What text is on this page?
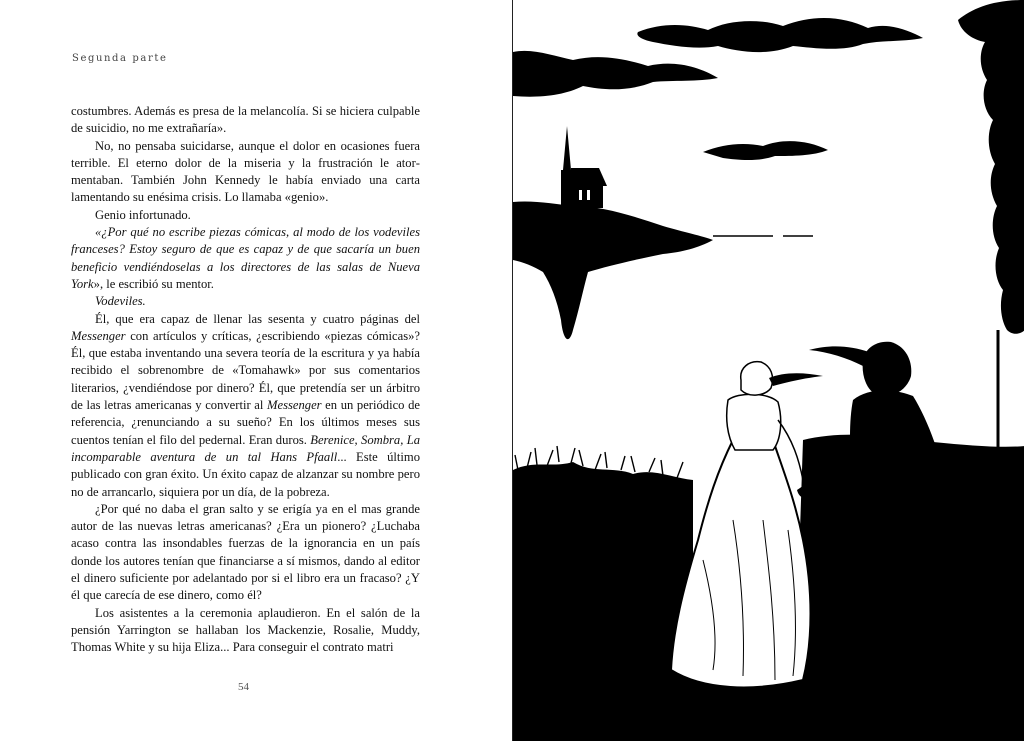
Segunda parte

costumbres. Además es presa de la melancolía. Si se hiciera culpable de suicidio, no me extrañaría».

No, no pensaba suicidarse, aunque el dolor en ocasiones fuera terrible. El eterno dolor de la miseria y la frustración le atormentaban. También John Kennedy le había enviado una carta lamentando su enésima crisis. Lo llamaba «genio».

Genio infortunado.

«¿Por qué no escribe piezas cómicas, al modo de los vodeviles franceses? Estoy seguro de que es capaz y de que sacaría un buen beneficio vendiéndoselas a los directores de las salas de Nueva York», le escribió su mentor.

Vodeviles.

Él, que era capaz de llenar las sesenta y cuatro páginas del Messenger con artículos y críticas, ¿escribiendo «piezas cómicas»? Él, que estaba inventando una severa teoría de la escritura y ya había recibido el sobrenombre de «Tomahawk» por sus comentarios literarios, ¿vendiéndose por dinero? Él, que pretendía ser un árbitro de las letras americanas y convertir al Messenger en un periódico de referencia, ¿renunciando a su sueño? En los últimos meses sus cuentos tenían el filo del pedernal. Eran duros. Berenice, Sombra, La incomparable aventura de un tal Hans Pfaall... Este último publicado con gran éxito. Un éxito capaz de alzanzar su nombre pero no de arrancarlo, siquiera por un día, de la pobreza.

¿Por qué no daba el gran salto y se erigía ya en el mas grande autor de las nuevas letras americanas? ¿Era un pionero? ¿Luchaba acaso contra las insondables fuerzas de la ignorancia en un país donde los autores tenían que financiarse a sí mismos, dando al editor el dinero suficiente por adelantado por si el libro era un fracaso? ¿Y él que carecía de ese dinero, como él?

Los asistentes a la ceremonia aplaudieron. En el salón de la pensión Yarrington se hallaban los Mackenzie, Rosalie, Muddy, Thomas White y su hija Eliza... Para conseguir el contrato matri

54
